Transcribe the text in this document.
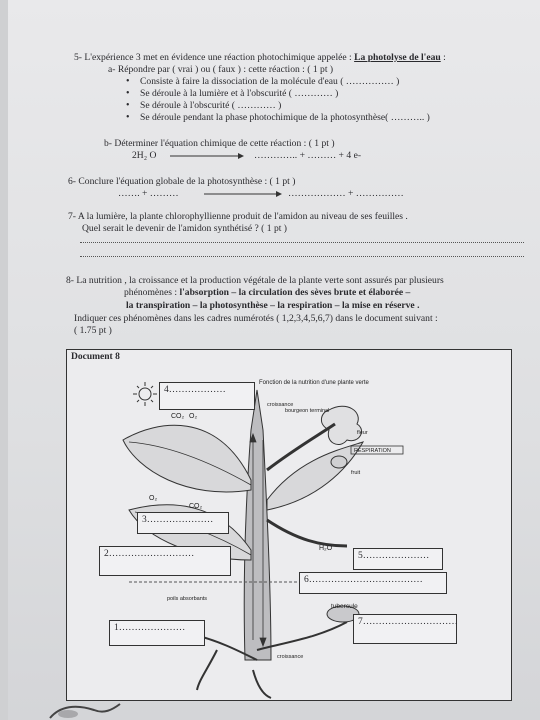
5- L'expérience 3 met en évidence une réaction photochimique appelée : La photolyse de l'eau :
a- Répondre par ( vrai ) ou ( faux ) : cette réaction : ( 1 pt )
• Consiste à faire la dissociation de la molécule d'eau ( …………… )
• Se déroule à la lumière et à l'obscurité ( ………… )
• Se déroule à l'obscurité ( ………… )
• Se déroule pendant la phase photochimique de la photosynthèse( ……….. )
b- Déterminer l'équation chimique de cette réaction : ( 1 pt )
2H₂ O	………….. + ……… + 4 e-
6- Conclure l'équation globale de la photosynthèse : ( 1 pt )
……. + ………	……………… + ……………
7- A la lumière, la plante chlorophyllienne produit de l'amidon au niveau de ses feuilles .
Quel serait le devenir de l'amidon synthétisé ? ( 1 pt )
8- La nutrition , la croissance et la production végétale de la plante verte sont assurés par plusieurs
phénomènes : l'absorption – la circulation des sèves brute et élaborée –
la transpiration – la photosynthèse – la respiration – la mise en réserve .
Indiquer ces phénomènes dans les cadres numérotés ( 1,2,3,4,5,6,7) dans le document suivant :
( 1.75 pt )
Document 8
Fonction de la nutrition d'une plante verte
croissance
bourgeon terminal
fleur
RESPIRATION
fruit
CO₂ O₂
O₂
CO₂
H₂O
poils absorbants
tubercule
croissance
4………………
3…………………
2………………………
1…………………
5…………………
6………………………………
7…………………………
